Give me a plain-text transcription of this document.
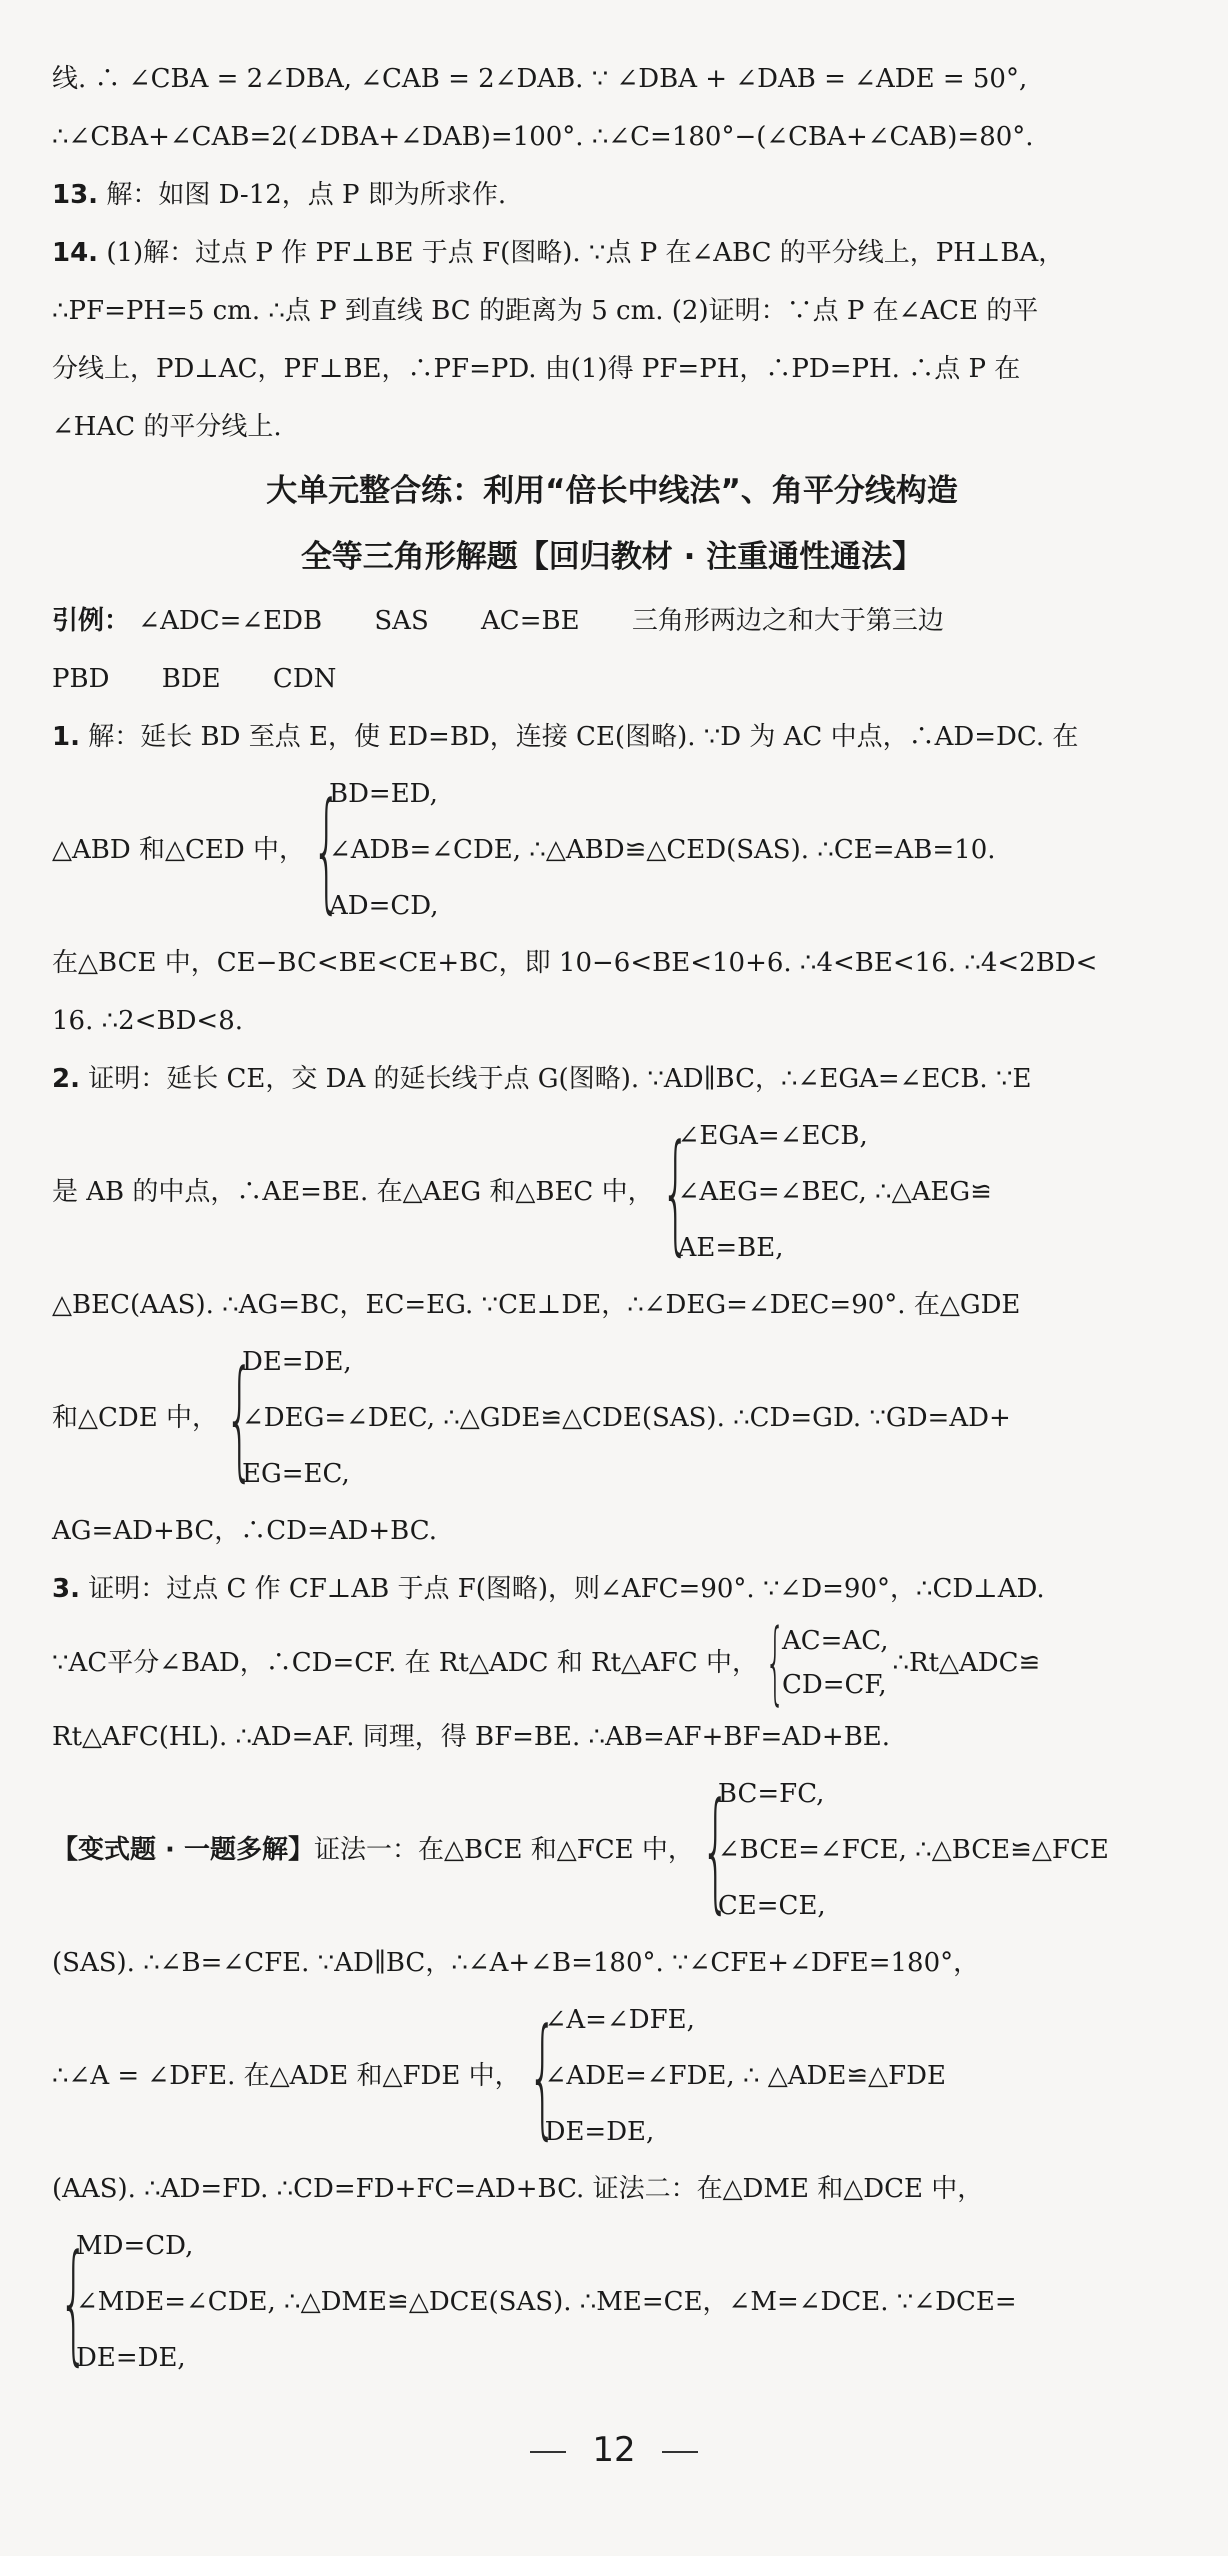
线. ∴ ∠CBA = 2∠DBA, ∠CAB = 2∠DAB. ∵ ∠DBA + ∠DAB = ∠ADE = 50°,
∴∠CBA+∠CAB=2(∠DBA+∠DAB)=100°. ∴∠C=180°−(∠CBA+∠CAB)=80°.
13. 解：如图 D-12，点 P 即为所求作.
14. (1)解：过点 P 作 PF⊥BE 于点 F(图略). ∵点 P 在∠ABC 的平分线上，PH⊥BA，
∴PF=PH=5 cm. ∴点 P 到直线 BC 的距离为 5 cm. (2)证明：∵点 P 在∠ACE 的平
分线上，PD⊥AC，PF⊥BE，∴PF=PD. 由(1)得 PF=PH，∴PD=PH. ∴点 P 在
∠HAC 的平分线上.
大单元整合练：利用“倍长中线法”、角平分线构造
全等三角形解题【回归教材 · 注重通性通法】
引例： ∠ADC=∠EDB SAS AC=BE 三角形两边之和大于第三边
PBD BDE CDN
1. 解：延长 BD 至点 E，使 ED=BD，连接 CE(图略). ∵D 为 AC 中点，∴AD=DC. 在
△ABD 和△CED 中， {
BD=ED,
∠ADB=∠CDE, ∴△ABD≌△CED(SAS). ∴CE=AB=10.
AD=CD,
在△BCE 中，CE−BC<BE<CE+BC，即 10−6<BE<10+6. ∴4<BE<16. ∴4<2BD<
16. ∴2<BD<8.
2. 证明：延长 CE，交 DA 的延长线于点 G(图略). ∵AD∥BC，∴∠EGA=∠ECB. ∵E
是 AB 的中点，∴AE=BE. 在△AEG 和△BEC 中， {
∠EGA=∠ECB,
∠AEG=∠BEC, ∴△AEG≌
AE=BE,
△BEC(AAS). ∴AG=BC，EC=EG. ∵CE⊥DE，∴∠DEG=∠DEC=90°. 在△GDE
和△CDE 中， {
DE=DE,
∠DEG=∠DEC, ∴△GDE≌△CDE(SAS). ∴CD=GD. ∵GD=AD+
EG=EC,
AG=AD+BC，∴CD=AD+BC.
3. 证明：过点 C 作 CF⊥AB 于点 F(图略)，则∠AFC=90°. ∵∠D=90°，∴CD⊥AD.
∵AC平分∠BAD，∴CD=CF. 在 Rt△ADC 和 Rt△AFC 中， {
AC=AC,
CD=CF,
∴Rt△ADC≌
Rt△AFC(HL). ∴AD=AF. 同理，得 BF=BE. ∴AB=AF+BF=AD+BE.
【变式题 · 一题多解】证法一：在△BCE 和△FCE 中， {
BC=FC,
∠BCE=∠FCE, ∴△BCE≌△FCE
CE=CE,
(SAS). ∴∠B=∠CFE. ∵AD∥BC，∴∠A+∠B=180°. ∵∠CFE+∠DFE=180°，
∴∠A = ∠DFE. 在△ADE 和△FDE 中， {
∠A=∠DFE,
∠ADE=∠FDE, ∴ △ADE≌△FDE
DE=DE,
(AAS). ∴AD=FD. ∴CD=FD+FC=AD+BC. 证法二：在△DME 和△DCE 中，
{
MD=CD,
∠MDE=∠CDE, ∴△DME≌△DCE(SAS). ∴ME=CE，∠M=∠DCE. ∵∠DCE=
DE=DE,
12
